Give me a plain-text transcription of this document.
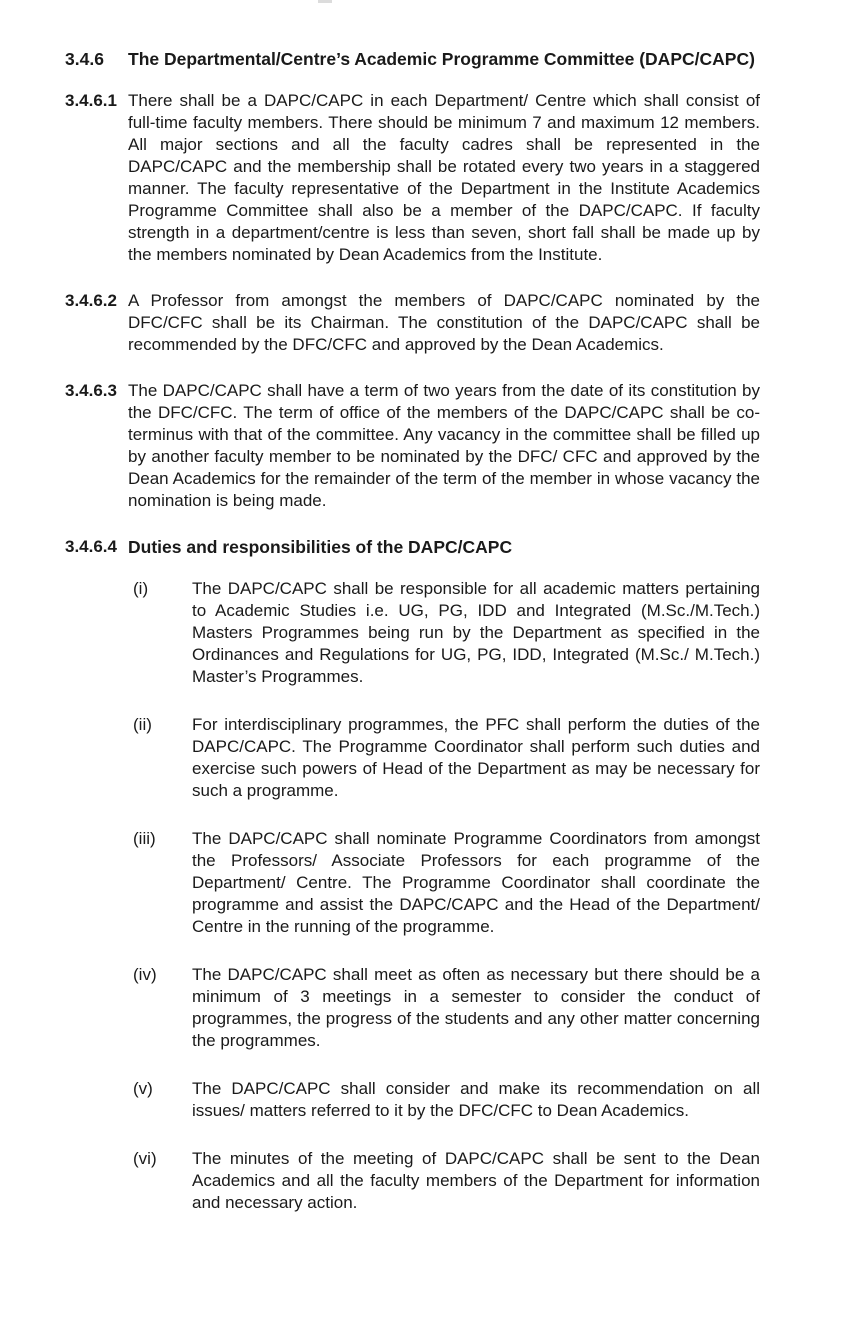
3.4.6	The Departmental/Centre’s Academic Programme Committee (DAPC/CAPC)
3.4.6.1 There shall be a DAPC/CAPC in each Department/ Centre which shall consist of full-time faculty members. There should be minimum 7 and maximum 12 members. All major sections and all the faculty cadres shall be represented in the DAPC/CAPC and the membership shall be rotated every two years in a staggered manner. The faculty representative of the Department in the Institute Academics Programme Committee shall also be a member of the DAPC/CAPC. If faculty strength in a department/centre is less than seven, short fall shall be made up by the members nominated by Dean Academics from the Institute.
3.4.6.2 A Professor from amongst the members of DAPC/CAPC nominated by the DFC/CFC shall be its Chairman. The constitution of the DAPC/CAPC shall be recommended by the DFC/CFC and approved by the Dean Academics.
3.4.6.3 The DAPC/CAPC shall have a term of two years from the date of its constitution by the DFC/CFC. The term of office of the members of the DAPC/CAPC shall be co-terminus with that of the committee. Any vacancy in the committee shall be filled up by another faculty member to be nominated by the DFC/ CFC and approved by the Dean Academics for the remainder of the term of the member in whose vacancy the nomination is being made.
3.4.6.4 Duties and responsibilities of the DAPC/CAPC
(i)	The DAPC/CAPC shall be responsible for all academic matters pertaining to Academic Studies i.e. UG, PG, IDD and Integrated (M.Sc./M.Tech.) Masters Programmes being run by the Department as specified in the Ordinances and Regulations for UG, PG, IDD, Integrated (M.Sc./ M.Tech.) Master’s Programmes.
(ii)	For interdisciplinary programmes, the PFC shall perform the duties of the DAPC/CAPC. The Programme Coordinator shall perform such duties and exercise such powers of Head of the Department as may be necessary for such a programme.
(iii)	The DAPC/CAPC shall nominate Programme Coordinators from amongst the Professors/ Associate Professors for each programme of the Department/ Centre. The Programme Coordinator shall coordinate the programme and assist the DAPC/CAPC and the Head of the Department/ Centre in the running of the programme.
(iv)	The DAPC/CAPC shall meet as often as necessary but there should be a minimum of 3 meetings in a semester to consider the conduct of programmes, the progress of the students and any other matter concerning the programmes.
(v)	The DAPC/CAPC shall consider and make its recommendation on all issues/ matters referred to it by the DFC/CFC to Dean Academics.
(vi)	The minutes of the meeting of DAPC/CAPC shall be sent to the Dean Academics and all the faculty members of the Department for information and necessary action.
